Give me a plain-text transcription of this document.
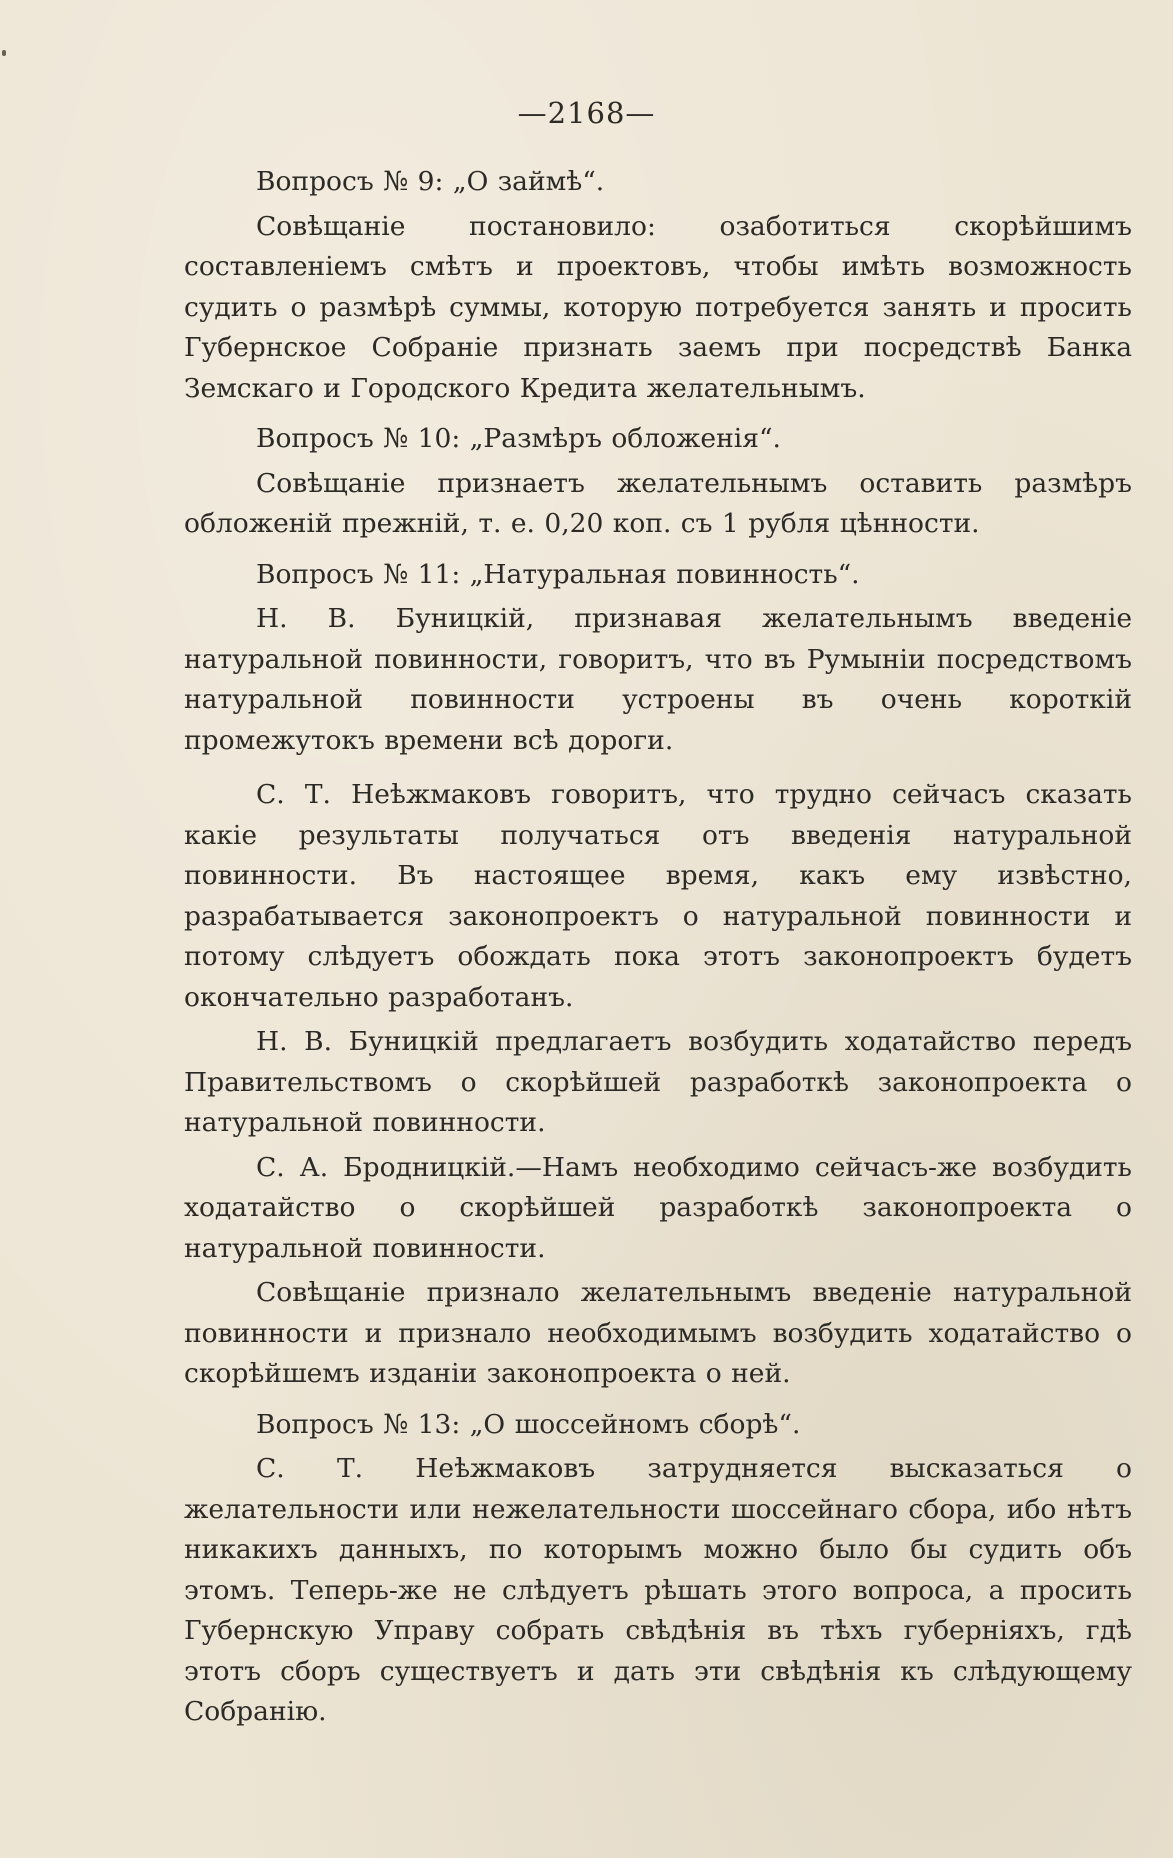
—2168—

Вопросъ № 9: „О займѣ“.

Совѣщанiе постановило: озаботиться скорѣйшимъ составленiемъ смѣтъ и проектовъ, чтобы имѣть возможность судить о размѣрѣ суммы, которую потребуется занять и просить Губернское Собранiе признать заемъ при посредствѣ Банка Земскаго и Городского Кредита желательнымъ.

Вопросъ № 10: „Размѣръ обложенiя“.

Совѣщанiе признаетъ желательнымъ оставить размѣръ обложенiй прежнiй, т. е. 0,20 коп. съ 1 рубля цѣнности.

Вопросъ № 11: „Натуральная повинность“.

Н. В. Буницкiй, признавая желательнымъ введенiе натуральной повинности, говоритъ, что въ Румынiи посредствомъ натуральной повинности устроены въ очень короткiй промежутокъ времени всѣ дороги.

С. Т. Неѣжмаковъ говоритъ, что трудно сейчасъ сказать какiе результаты получаться отъ введенiя натуральной повинности. Въ настоящее время, какъ ему извѣстно, разрабатывается законопроектъ о натуральной повинности и потому слѣдуетъ обождать пока этотъ законопроектъ будетъ окончательно разработанъ.

Н. В. Буницкiй предлагаетъ возбудить ходатайство передъ Правительствомъ о скорѣйшей разработкѣ законопроекта о натуральной повинности.

С. А. Бродницкiй.—Намъ необходимо сейчасъ-же возбудить ходатайство о скорѣйшей разработкѣ законопроекта о натуральной повинности.

Совѣщанiе признало желательнымъ введенiе натуральной повинности и признало необходимымъ возбудить ходатайство о скорѣйшемъ изданiи законопроекта о ней.

Вопросъ № 13: „О шоссейномъ сборѣ“.

С. Т. Неѣжмаковъ затрудняется высказаться о желательности или нежелательности шоссейнаго сбора, ибо нѣтъ никакихъ данныхъ, по которымъ можно было бы судить объ этомъ. Теперь-же не слѣдуетъ рѣшать этого вопроса, а просить Губернскую Управу собрать свѣдѣнiя въ тѣхъ губернiяхъ, гдѣ этотъ сборъ существуетъ и дать эти свѣдѣнiя къ слѣдующему Собранiю.
